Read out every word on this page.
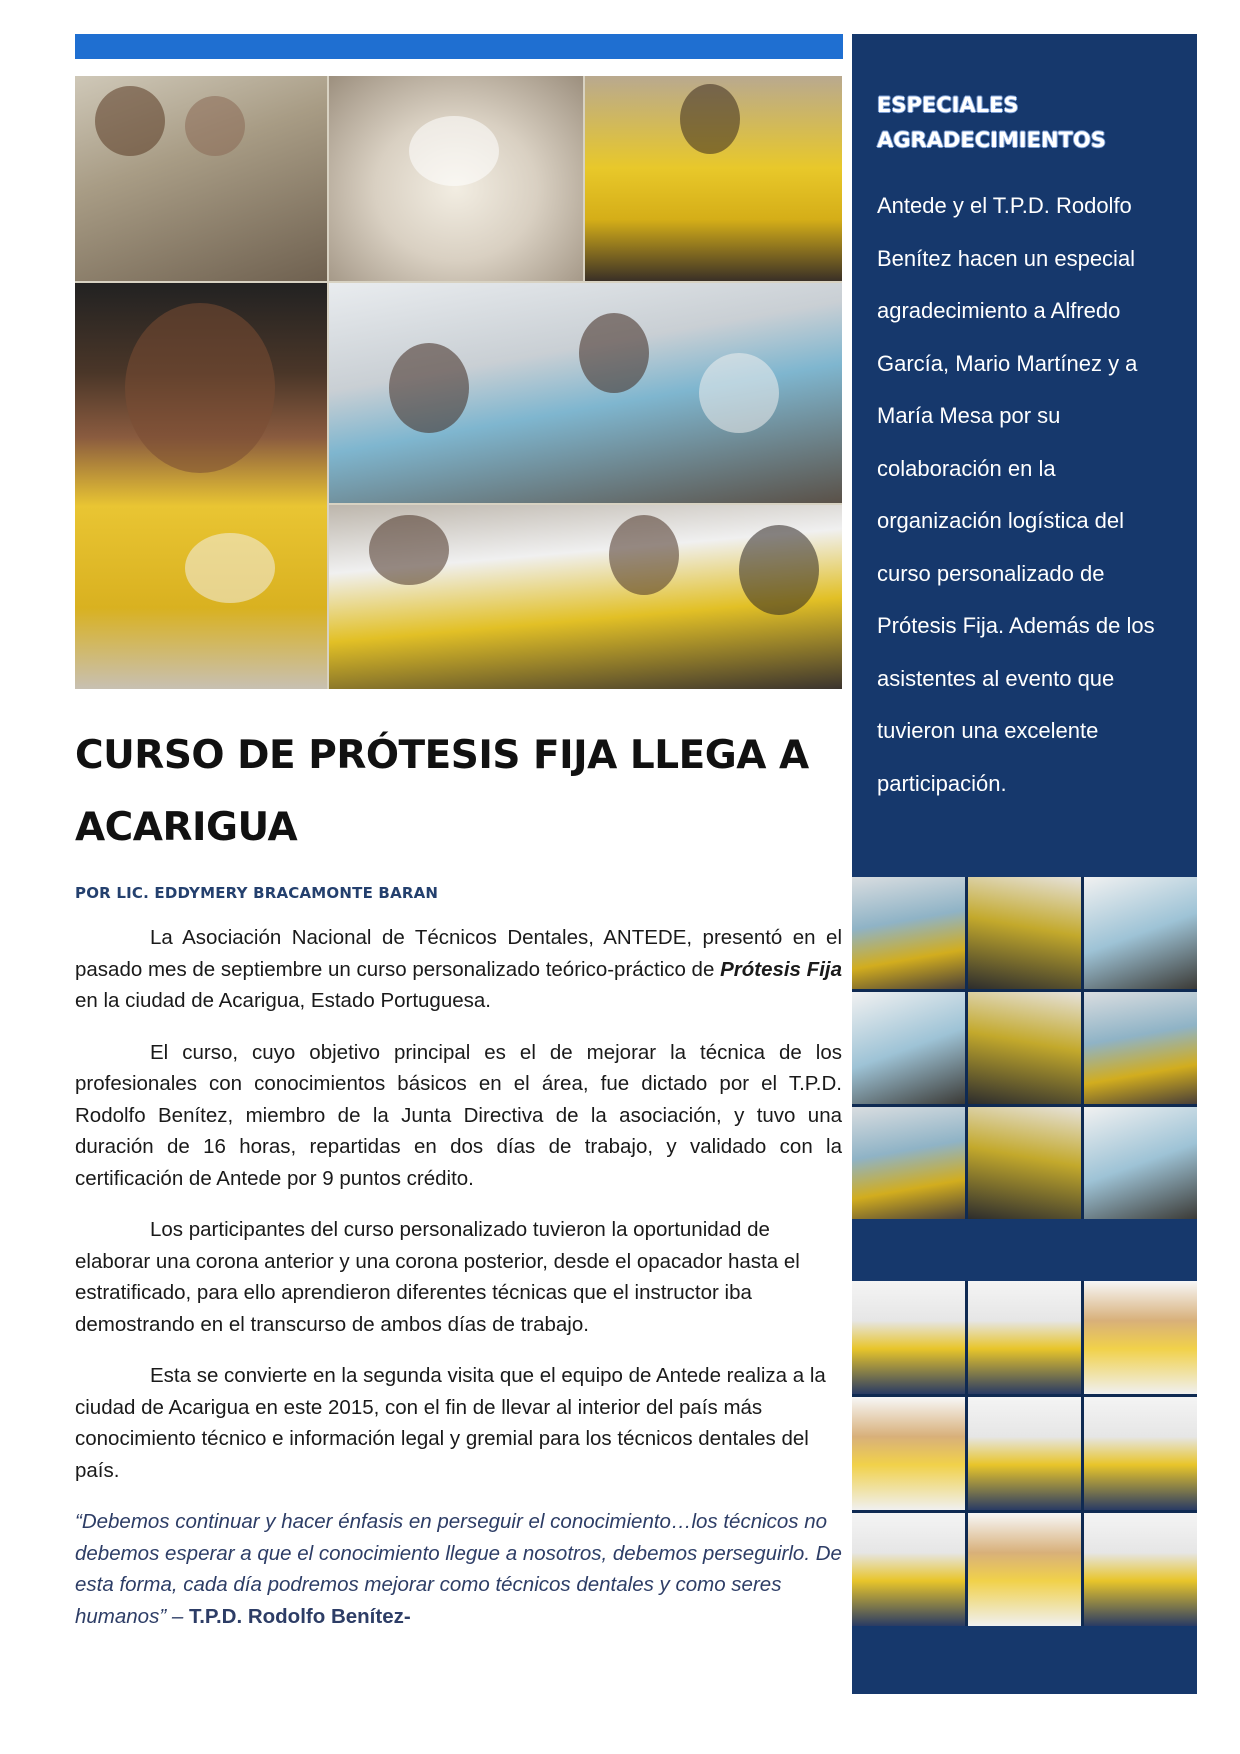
CURSO DE PRÓTESIS FIJA LLEGA A ACARIGUA

POR LIC. EDDYMERY BRACAMONTE BARAN

La Asociación Nacional de Técnicos Dentales, ANTEDE, presentó en el pasado mes de septiembre un curso personalizado teórico-práctico de Prótesis Fija en la ciudad de Acarigua, Estado Portuguesa.

El curso, cuyo objetivo principal es el de mejorar la técnica de los profesionales con conocimientos básicos en el área, fue dictado por el T.P.D. Rodolfo Benítez, miembro de la Junta Directiva de la asociación, y tuvo una duración de 16 horas, repartidas en dos días de trabajo, y validado con la certificación de Antede por 9 puntos crédito.

Los participantes del curso personalizado tuvieron la oportunidad de elaborar una corona anterior y una corona posterior, desde el opacador hasta el estratificado, para ello aprendieron diferentes técnicas que el instructor iba demostrando en el transcurso de ambos días de trabajo.

Esta se convierte en la segunda visita que el equipo de Antede realiza a la ciudad de Acarigua en este 2015, con el fin de llevar al interior del país más conocimiento técnico e información legal y gremial para los técnicos dentales del país.

“Debemos continuar y hacer énfasis en perseguir el conocimiento…los técnicos no debemos esperar a que el conocimiento llegue a nosotros, debemos perseguirlo. De esta forma, cada día podremos mejorar como técnicos dentales y como seres humanos” – T.P.D. Rodolfo Benítez-

ESPECIALES AGRADECIMIENTOS

Antede y el T.P.D. Rodolfo Benítez hacen un especial agradecimiento a Alfredo García, Mario Martínez y a María Mesa por su colaboración en la organización logística del curso personalizado de Prótesis Fija. Además de los asistentes al evento que tuvieron una excelente participación.
